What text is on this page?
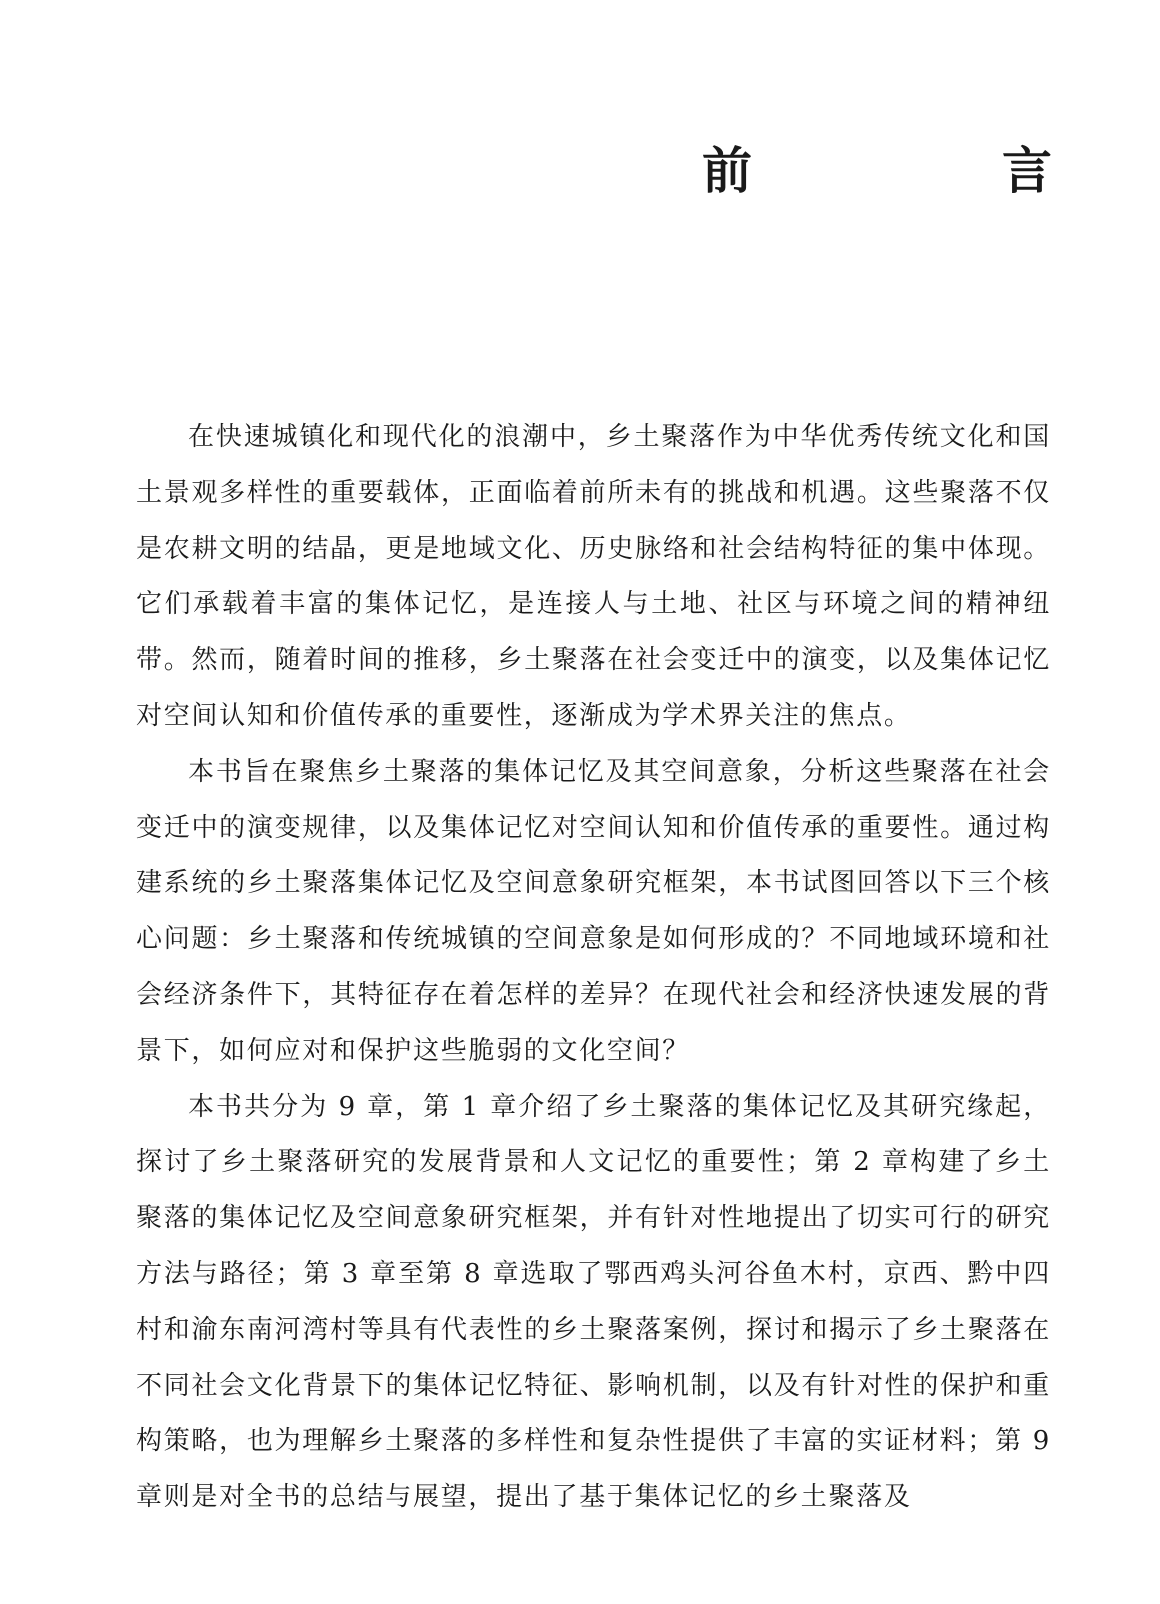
前　言

在快速城镇化和现代化的浪潮中，乡土聚落作为中华优秀传统文化和国土景观多样性的重要载体，正面临着前所未有的挑战和机遇。这些聚落不仅是农耕文明的结晶，更是地域文化、历史脉络和社会结构特征的集中体现。它们承载着丰富的集体记忆，是连接人与土地、社区与环境之间的精神纽带。然而，随着时间的推移，乡土聚落在社会变迁中的演变，以及集体记忆对空间认知和价值传承的重要性，逐渐成为学术界关注的焦点。

本书旨在聚焦乡土聚落的集体记忆及其空间意象，分析这些聚落在社会变迁中的演变规律，以及集体记忆对空间认知和价值传承的重要性。通过构建系统的乡土聚落集体记忆及空间意象研究框架，本书试图回答以下三个核心问题：乡土聚落和传统城镇的空间意象是如何形成的？不同地域环境和社会经济条件下，其特征存在着怎样的差异？在现代社会和经济快速发展的背景下，如何应对和保护这些脆弱的文化空间？

本书共分为 9 章，第 1 章介绍了乡土聚落的集体记忆及其研究缘起，探讨了乡土聚落研究的发展背景和人文记忆的重要性；第 2 章构建了乡土聚落的集体记忆及空间意象研究框架，并有针对性地提出了切实可行的研究方法与路径；第 3 章至第 8 章选取了鄂西鸡头河谷鱼木村，京西、黔中四村和渝东南河湾村等具有代表性的乡土聚落案例，探讨和揭示了乡土聚落在不同社会文化背景下的集体记忆特征、影响机制，以及有针对性的保护和重构策略，也为理解乡土聚落的多样性和复杂性提供了丰富的实证材料；第 9 章则是对全书的总结与展望，提出了基于集体记忆的乡土聚落及
